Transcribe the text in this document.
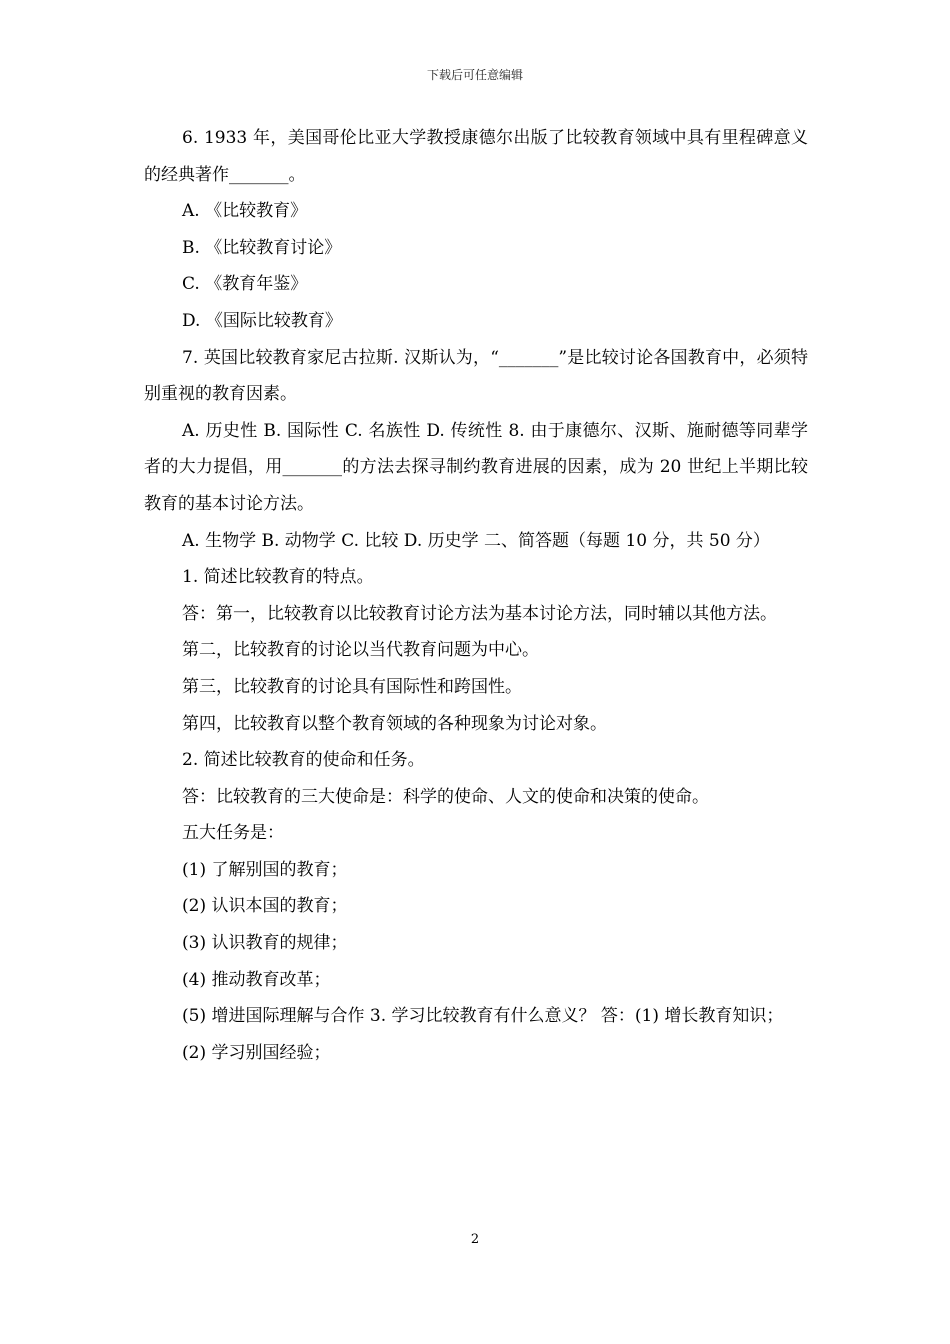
下载后可任意编辑

6. 1933 年，美国哥伦比亚大学教授康德尔出版了比较教育领域中具有里程碑意义的经典著作_______。

A. 《比较教育》

B. 《比较教育讨论》

C. 《教育年鉴》

D. 《国际比较教育》

7. 英国比较教育家尼古拉斯. 汉斯认为，“_______”是比较讨论各国教育中，必须特别重视的教育因素。

A. 历史性 B. 国际性 C. 名族性 D. 传统性 8. 由于康德尔、汉斯、施耐德等同辈学者的大力提倡，用_______的方法去探寻制约教育进展的因素，成为 20 世纪上半期比较教育的基本讨论方法。

A. 生物学 B. 动物学 C. 比较 D. 历史学 二、简答题（每题 10 分，共 50 分）

1. 简述比较教育的特点。

答：第一，比较教育以比较教育讨论方法为基本讨论方法，同时辅以其他方法。

第二，比较教育的讨论以当代教育问题为中心。

第三，比较教育的讨论具有国际性和跨国性。

第四，比较教育以整个教育领域的各种现象为讨论对象。

2. 简述比较教育的使命和任务。

答：比较教育的三大使命是：科学的使命、人文的使命和决策的使命。

五大任务是：

(1) 了解别国的教育；

(2) 认识本国的教育；

(3) 认识教育的规律；

(4) 推动教育改革；

(5) 增进国际理解与合作 3. 学习比较教育有什么意义？ 答：(1) 增长教育知识；

(2) 学习别国经验；

2
